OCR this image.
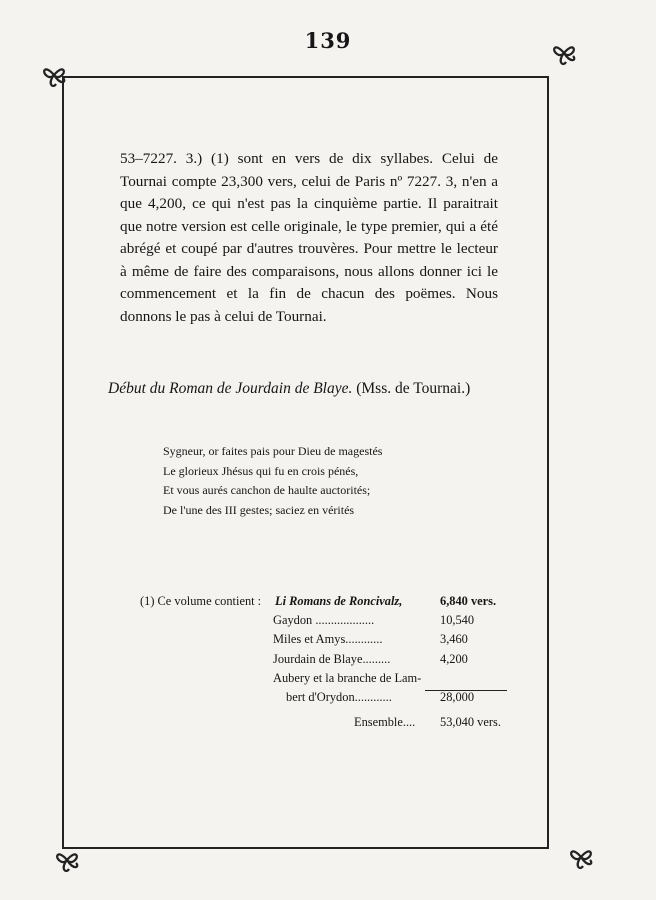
139

53–7227. 3.) (1) sont en vers de dix syllabes. Celui de Tournai compte 23,300 vers, celui de Paris nº 7227. 3, n'en a que 4,200, ce qui n'est pas la cinquième partie. Il paraitrait que notre version est celle originale, le type premier, qui a été abrégé et coupé par d'autres trouvères. Pour mettre le lecteur à même de faire des comparaisons, nous allons donner ici le commencement et la fin de chacun des poëmes. Nous donnons le pas à celui de Tournai.

Début du Roman de Jourdain de Blaye. (Mss. de Tournai.)
Sygneur, or faites pais pour Dieu de magestés
Le glorieux Jhésus qui fu en crois pénés,
Et vous aurés canchon de haulte auctorités;
De l'une des III gestes; saciez en vérités
(1) Ce volume contient : Li Romans de Roncivalz,	6,840 vers.
Gaydon ...................	10,540
Miles et Amys............	3,460
Jourdain de Blaye.........	4,200
Aubery et la branche de Lam-
bert d'Orydon............	28,000
Ensemble.... 53,040 vers.
